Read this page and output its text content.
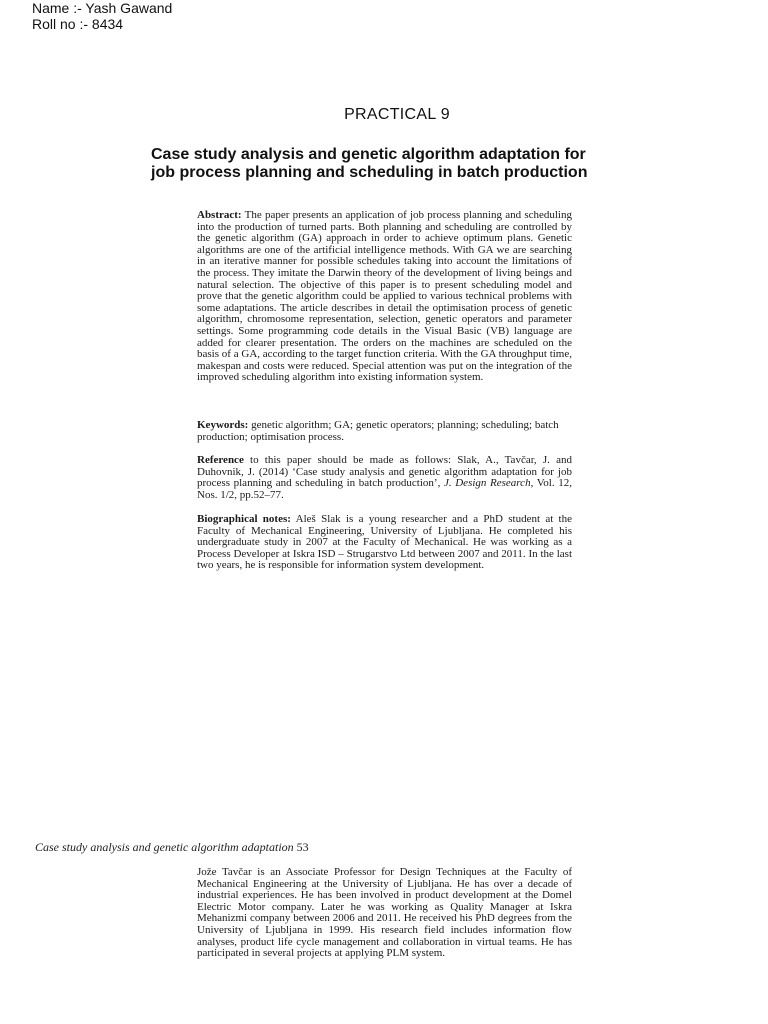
Name :- Yash Gawand
Roll no :- 8434
PRACTICAL 9
Case study analysis and genetic algorithm adaptation for job process planning and scheduling in batch production
Abstract: The paper presents an application of job process planning and scheduling into the production of turned parts. Both planning and scheduling are controlled by the genetic algorithm (GA) approach in order to achieve optimum plans. Genetic algorithms are one of the artificial intelligence methods. With GA we are searching in an iterative manner for possible schedules taking into account the limitations of the process. They imitate the Darwin theory of the development of living beings and natural selection. The objective of this paper is to present scheduling model and prove that the genetic algorithm could be applied to various technical problems with some adaptations. The article describes in detail the optimisation process of genetic algorithm, chromosome representation, selection, genetic operators and parameter settings. Some programming code details in the Visual Basic (VB) language are added for clearer presentation. The orders on the machines are scheduled on the basis of a GA, according to the target function criteria. With the GA throughput time, makespan and costs were reduced. Special attention was put on the integration of the improved scheduling algorithm into existing information system.
Keywords: genetic algorithm; GA; genetic operators; planning; scheduling; batch production; optimisation process.
Reference to this paper should be made as follows: Slak, A., Tavčar, J. and Duhovnik, J. (2014) ‘Case study analysis and genetic algorithm adaptation for job process planning and scheduling in batch production’, J. Design Research, Vol. 12, Nos. 1/2, pp.52–77.
Biographical notes: Aleš Slak is a young researcher and a PhD student at the Faculty of Mechanical Engineering, University of Ljubljana. He completed his undergraduate study in 2007 at the Faculty of Mechanical. He was working as a Process Developer at Iskra ISD – Strugarstvo Ltd between 2007 and 2011. In the last two years, he is responsible for information system development.
Case study analysis and genetic algorithm adaptation 53
Jože Tavčar is an Associate Professor for Design Techniques at the Faculty of Mechanical Engineering at the University of Ljubljana. He has over a decade of industrial experiences. He has been involved in product development at the Domel Electric Motor company. Later he was working as Quality Manager at Iskra Mehanizmi company between 2006 and 2011. He received his PhD degrees from the University of Ljubljana in 1999. His research field includes information flow analyses, product life cycle management and collaboration in virtual teams. He has participated in several projects at applying PLM system.
